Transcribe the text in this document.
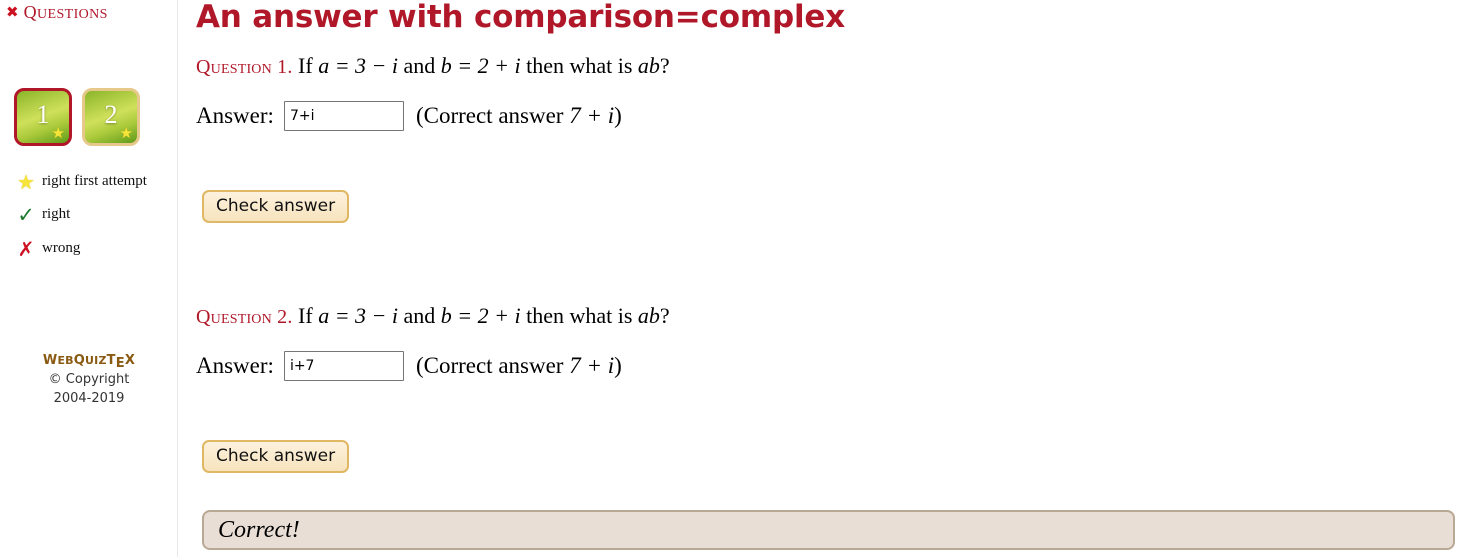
✖ QUESTIONS
1
★
2
★
★ right first attempt
✓ right
✗ wrong
WEBQUIZTEX
© Copyright
2004-2019
An answer with comparison=complex
Question 1. If a = 3 − i and b = 2 + i then what is ab?
Answer:
7+i	(Correct answer 7 + i)
Check answer
Question 2. If a = 3 − i and b = 2 + i then what is ab?
Answer:
i+7	(Correct answer 7 + i)
Check answer
Correct!
